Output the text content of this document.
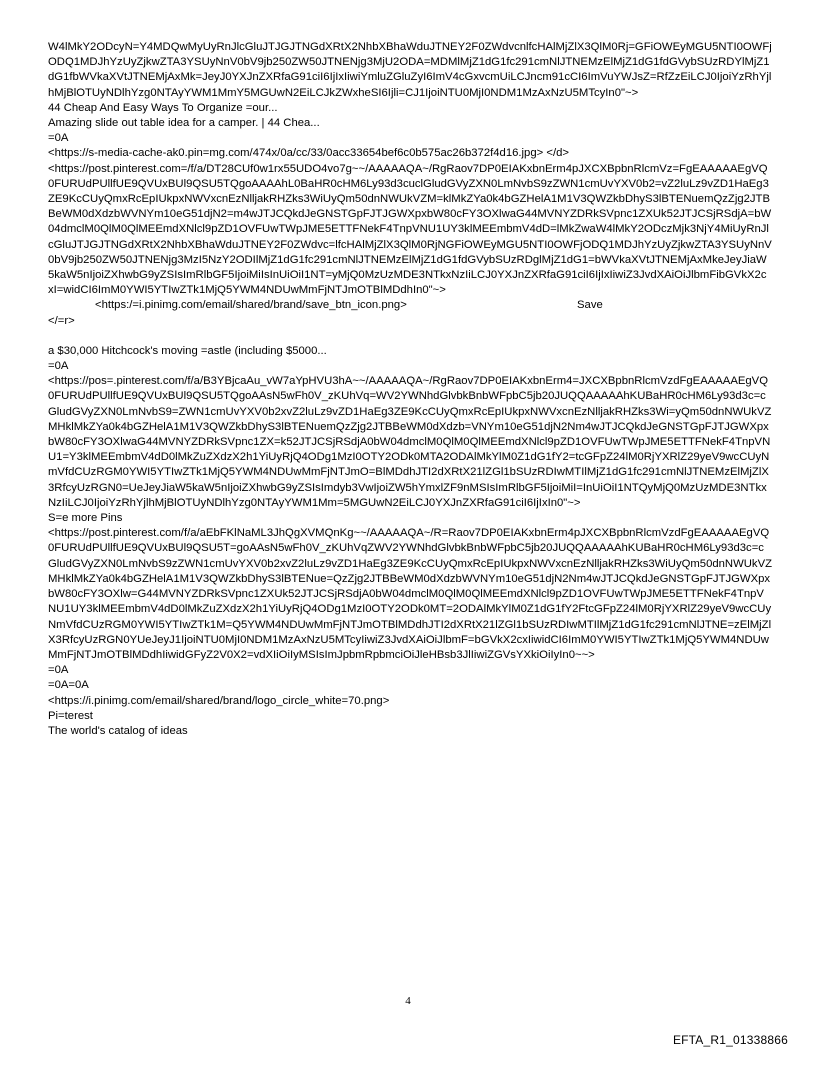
W4lMkY2ODcyN=Y4MDQwMyUyRnJlcGluJTJGJTNGdXRtX2NhbXBhaWduJTNEY2F0ZWdvcnlfcHAlMjZlX3QlM0Rj=GFiOWEyMGU5NTI0OWFjODQ1MDJhYzUyZjkwZTA3YSUyNnV0bV9jb250ZW50JTNENjg3MjU2ODA=MDMlMjZ1dG1fc291cmNlJTNEMzElMjZ1dG1fdGVybSUzRDYlMjZ1dG1fbWVkaXVtJTNEMjAxMk=JeyJ0YXJnZXRfaG91ciI6IjIxIiwiYmluZGluZyI6ImV4cGxvcmUiLCJncm91cCI6ImVuYWJsZ=RfZzEiLCJ0IjoiYzRhYjlhMjBlOTUyNDlhYzg0NTAyYWM1MmY5MGUwN2EiLCJkZWxheSI6Ijli=CJ1IjoiNTU0MjI0NDM1MzAxNzU5MTcyIn0"~>

44 Cheap And Easy Ways To Organize =our...

Amazing slide out table idea for a camper. | 44 Chea...

=0A

<https://s-media-cache-ak0.pin=mg.com/474x/0a/cc/33/0acc33654bef6c0b575ac26b372f4d16.jpg> </d>

<https://post.pinterest.com=/f/a/DT28CUf0w1rx55UDO4vo7g~~/AAAAAQA~/RgRaov7DP0EIAKxbnErm4pJXCXBpbnRlcmVz=FgEAAAAAEgVQ0FURUdPUllfUE9QVUxBUl9QSU5TQgoAAAAhL0BaHR0cHM6Ly93d3cuclGludGVyZXN0LmNvbS9zZWN1cmUvYXV0b2=vZ2luLz9vZD1HaEg3ZE9KcCUyQmxRcEpIUkpxNWVxcnEzNlljakRHZks3WiUyQm50dnNWUkVZM=klMkZYa0k4bGZHelA1M1V3QWZkbDhyS3lBTENuemQzZjg2JTBBeWM0dXdzbWVNYm10eG51djN2=m4wJTJCQkdJeGNSTGpFJTJGWXpxbW80cFY3OXlwaG44MVNYZDRkSVpnc1ZXUk52JTJCSjRSdjA=bW04dmclM0QlM0QlMEEmdXNlcl9pZD1OVFUwTWpJME5ETTFNekF4TnpVNU1UY3klMEEmbmV4dD=lMkZwaW4lMkY2ODczMjk3NjY4MiUyRnJlcGluJTJGJTNGdXRtX2NhbXBhaWduJTNEY2F0ZWdvc=lfcHAlMjZlX3QlM0RjNGFiOWEyMGU5NTI0OWFjODQ1MDJhYzUyZjkwZTA3YSUyNnV0bV9jb250ZW50JTNENjg3MzI5NzY2ODIlMjZ1dG1fc291cmNlJTNEMzElMjZ1dG1fdGVybSUzRDglMjZ1dG1=bWVkaXVtJTNEMjAxMkeJeyJiaW5kaW5nIjoiZXhwbG9yZSIsImRlbGF5IjoiMiIsInUiOiI1NT=yMjQ0MzUzMDE3NTkxNzIiLCJ0YXJnZXRfaG91ciI6IjIxIiwiZ3JvdXAiOiJlbmFibGVkX2cxI=widCI6ImM0YWI5YTIwZTk1MjQ5YWM4NDUwMmFjNTJmOTBlMDdhIn0"~>

<https:/=i.pinimg.com/email/shared/brand/save_btn_icon.png>	Save

</=r>

a $30,000 Hitchcock's moving =astle (including $5000...

=0A

<https://pos=.pinterest.com/f/a/B3YBjcaAu_vW7aYpHVU3hA~~/AAAAAQA~/RgRaov7DP0EIAKxbnErm4=JXCXBpbnRlcmVzdFgEAAAAAEgVQ0FURUdPUllfUE9QVUxBUl9QSU5TQgoAAsN5wFh0V_zKUhVq=WV2YWNhdGlvbkBnbWFpbC5jb20JUQQAAAAAhKUBaHR0cHM6Ly93d3c=cGludGVyZXN0LmNvbS9=ZWN1cmUvYXV0b2xvZ2luLz9vZD1HaEg3ZE9KcCUyQmxRcEpIUkpxNWVxcnEzNlljakRHZks3Wi=yQm50dnNWUkVZMHklMkZYa0k4bGZHelA1M1V3QWZkbDhyS3lBTENuemQzZjg2JTBBeWM0dXdzb=VNYm10eG51djN2Nm4wJTJCQkdJeGNSTGpFJTJGWXpxbW80cFY3OXlwaG44MVNYZDRkSVpnc1ZX=k52JTJCSjRSdjA0bW04dmclM0QlM0QlMEEmdXNlcl9pZD1OVFUwTWpJME5ETTFNekF4TnpVNU1=Y3klMEEmbmV4dD0lMkZuZXdzX2h1YiUyRjQ4ODg1MzI0OTY2ODk0MTA2ODAlMkYlM0Z1dG1fY2=tcGFpZ24lM0RjYXRlZ29yeV9wcCUyNmVfdCUzRGM0YWI5YTIwZTk1MjQ5YWM4NDUwMmFjNTJmO=BlMDdhJTI2dXRtX21lZGl1bSUzRDIwMTIlMjZ1dG1fc291cmNlJTNEMzElMjZlX3RfcyUzRGN0=UeJeyJiaW5kaW5nIjoiZXhwbG9yZSIsImdyb3VwIjoiZW5hYmxlZF9nMSIsImRlbGF5IjoiMiI=InUiOiI1NTQyMjQ0MzUzMDE3NTkxNzIiLCJ0IjoiYzRhYjlhMjBlOTUyNDlhYzg0NTAyYWM1Mm=5MGUwN2EiLCJ0YXJnZXRfaG91ciI6IjIxIn0"~>

S=e more Pins

<https://post.pinterest.com/f/a/aEbFKlNaML3JhQgXVMQnKg~~/AAAAAQA~/R=Raov7DP0EIAKxbnErm4pJXCXBpbnRlcmVzdFgEAAAAAEgVQ0FURUdPUllfUE9QVUxBUl9QSU5T=goAAsN5wFh0V_zKUhVqZWV2YWNhdGlvbkBnbWFpbC5jb20JUQQAAAAAhKUBaHR0cHM6Ly93d3c=cGludGVyZXN0LmNvbS9zZWN1cmUvYXV0b2xvZ2luLz9vZD1HaEg3ZE9KcCUyQmxRcEpIUkpxNWVxcnEzNlljakRHZks3WiUyQm50dnNWUkVZMHklMkZYa0k4bGZHelA1M1V3QWZkbDhyS3lBTENue=QzZjg2JTBBeWM0dXdzbWVNYm10eG51djN2Nm4wJTJCQkdJeGNSTGpFJTJGWXpxbW80cFY3OXlw=G44MVNYZDRkSVpnc1ZXUk52JTJCSjRSdjA0bW04dmclM0QlM0QlMEEmdXNlcl9pZD1OVFUwTWpJME5ETTFNekF4TnpVNU1UY3klMEEmbmV4dD0lMkZuZXdzX2h1YiUyRjQ4ODg1MzI0OTY2ODk0MT=2ODAlMkYlM0Z1dG1fY2FtcGFpZ24lM0RjYXRlZ29yeV9wcCUyNmVfdCUzRGM0YWI5YTIwZTk1M=Q5YWM4NDUwMmFjNTJmOTBlMDdhJTI2dXRtX21lZGl1bSUzRDIwMTIlMjZ1dG1fc291cmNlJTNE=zElMjZlX3RfcyUzRGN0YUeJeyJ1IjoiNTU0MjI0NDM1MzAxNzU5MTcyIiwiZ3JvdXAiOiJlbmF=bGVkX2cxIiwidCI6ImM0YWI5YTIwZTk1MjQ5YWM4NDUwMmFjNTJmOTBlMDdhIiwidGFyZ2V0X2=vdXIiOiIyMSIsImJpbmRpbmciOiJleHBsb3JlIiwiZGVsYXkiOiIyIn0~~>

=0A

=0A=0A

<https://i.pinimg.com/email/shared/brand/logo_circle_white=70.png>

Pi=terest

The world's catalog of ideas

4
EFTA_R1_01338866
